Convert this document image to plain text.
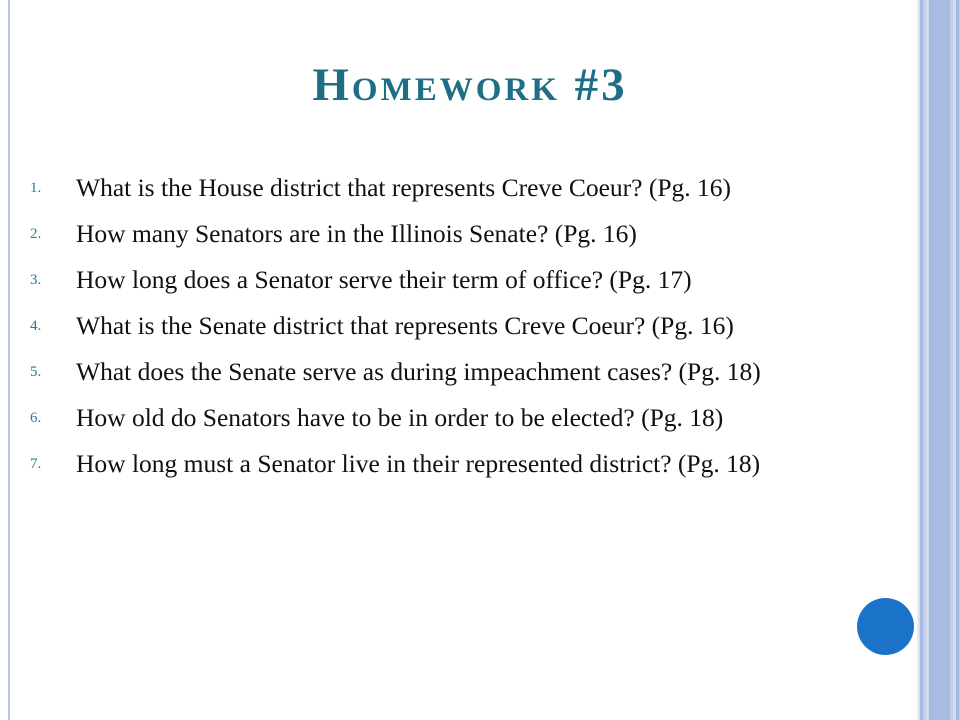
Homework #3
1. What is the House district that represents Creve Coeur? (Pg. 16)
2. How many Senators are in the Illinois Senate? (Pg. 16)
3. How long does a Senator serve their term of office? (Pg. 17)
4. What is the Senate district that represents Creve Coeur? (Pg. 16)
5. What does the Senate serve as during impeachment cases? (Pg. 18)
6. How old do Senators have to be in order to be elected? (Pg. 18)
7. How long must a Senator live in their represented district? (Pg. 18)
